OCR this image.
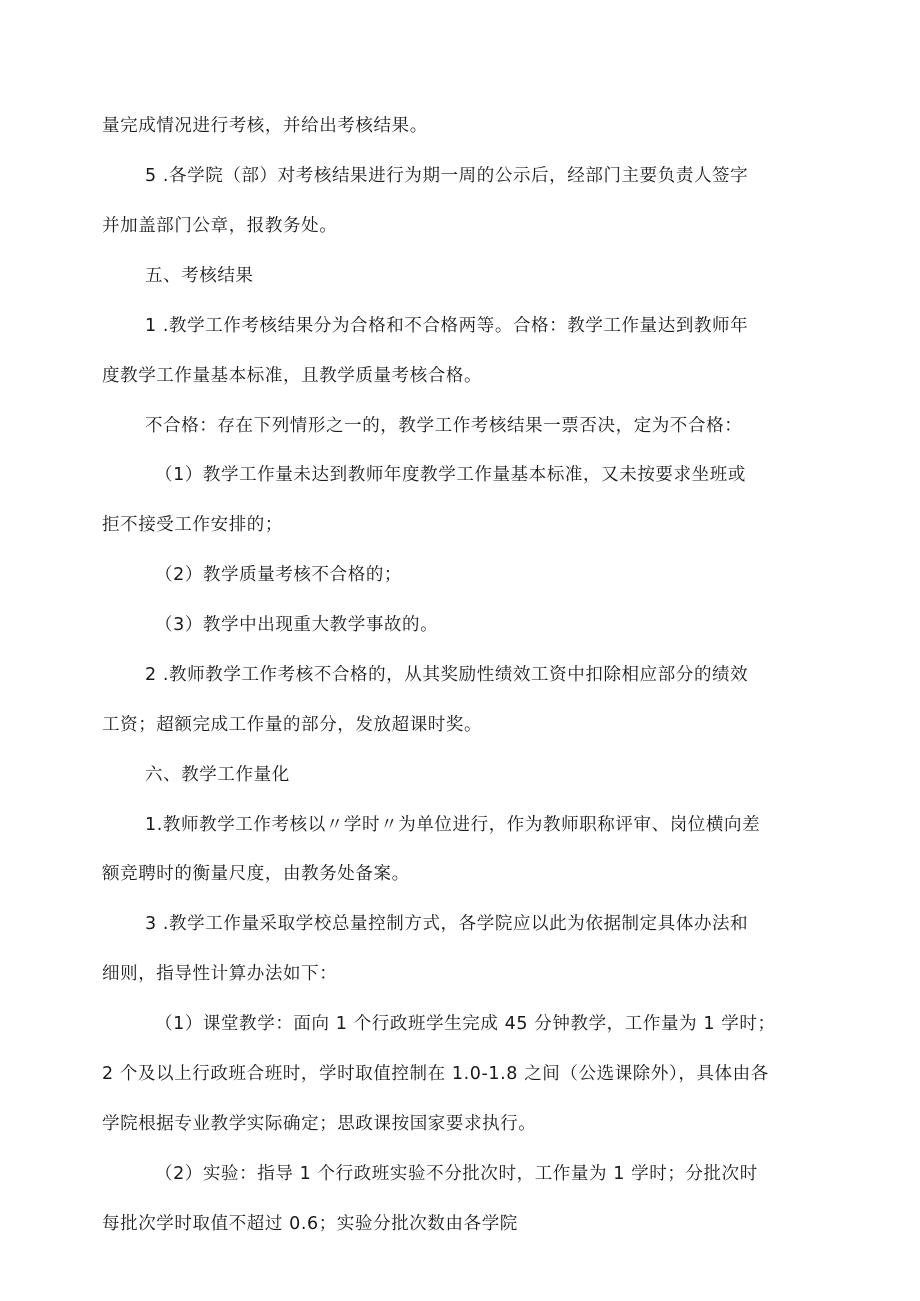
量完成情况进行考核，并给出考核结果。
5 .各学院（部）对考核结果进行为期一周的公示后，经部门主要负责人签字
并加盖部门公章，报教务处。
五、考核结果
1 .教学工作考核结果分为合格和不合格两等。合格：教学工作量达到教师年
度教学工作量基本标准，且教学质量考核合格。
不合格：存在下列情形之一的，教学工作考核结果一票否决，定为不合格：
（1）教学工作量未达到教师年度教学工作量基本标准，又未按要求坐班或
拒不接受工作安排的；
（2）教学质量考核不合格的；
（3）教学中出现重大教学事故的。
2 .教师教学工作考核不合格的，从其奖励性绩效工资中扣除相应部分的绩效
工资；超额完成工作量的部分，发放超课时奖。
六、教学工作量化
1.教师教学工作考核以〃学时〃为单位进行，作为教师职称评审、岗位横向差
额竞聘时的衡量尺度，由教务处备案。
3 .教学工作量采取学校总量控制方式，各学院应以此为依据制定具体办法和
细则，指导性计算办法如下：
（1）课堂教学：面向 1 个行政班学生完成 45 分钟教学，工作量为 1 学时；
2 个及以上行政班合班时，学时取值控制在 1.0-1.8 之间（公选课除外），具体由各
学院根据专业教学实际确定；思政课按国家要求执行。
（2）实验：指导 1 个行政班实验不分批次时，工作量为 1 学时；分批次时
每批次学时取值不超过 0.6；实验分批次数由各学院
